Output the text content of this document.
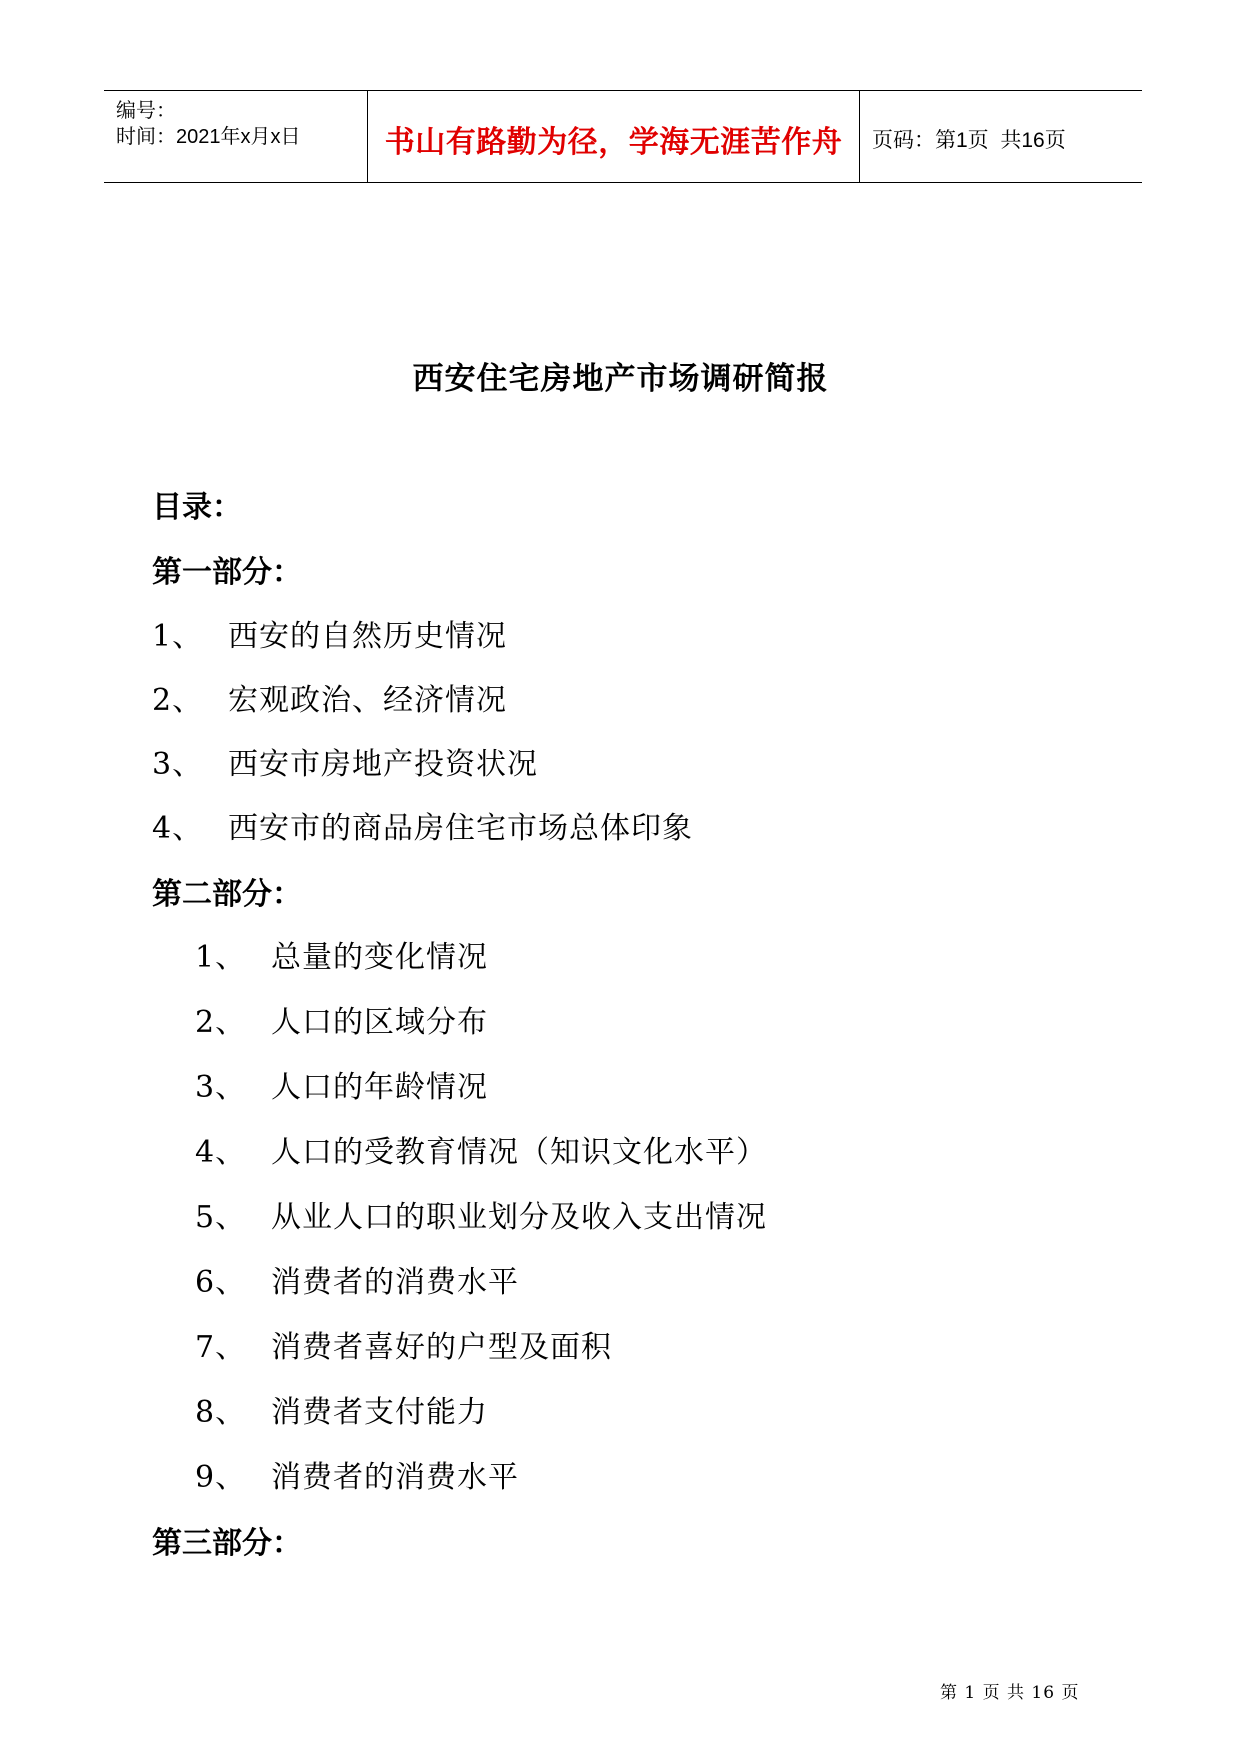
编号：
时间：2021年x月x日	书山有路勤为径，学海无涯苦作舟	页码：第1页  共16页
西安住宅房地产市场调研简报
目录：
第一部分：
1、 西安的自然历史情况
2、 宏观政治、经济情况
3、 西安市房地产投资状况
4、 西安市的商品房住宅市场总体印象
第二部分：
1、 总量的变化情况
2、 人口的区域分布
3、 人口的年龄情况
4、 人口的受教育情况（知识文化水平）
5、 从业人口的职业划分及收入支出情况
6、 消费者的消费水平
7、 消费者喜好的户型及面积
8、 消费者支付能力
9、 消费者的消费水平
第三部分：
第 1 页 共 16 页
